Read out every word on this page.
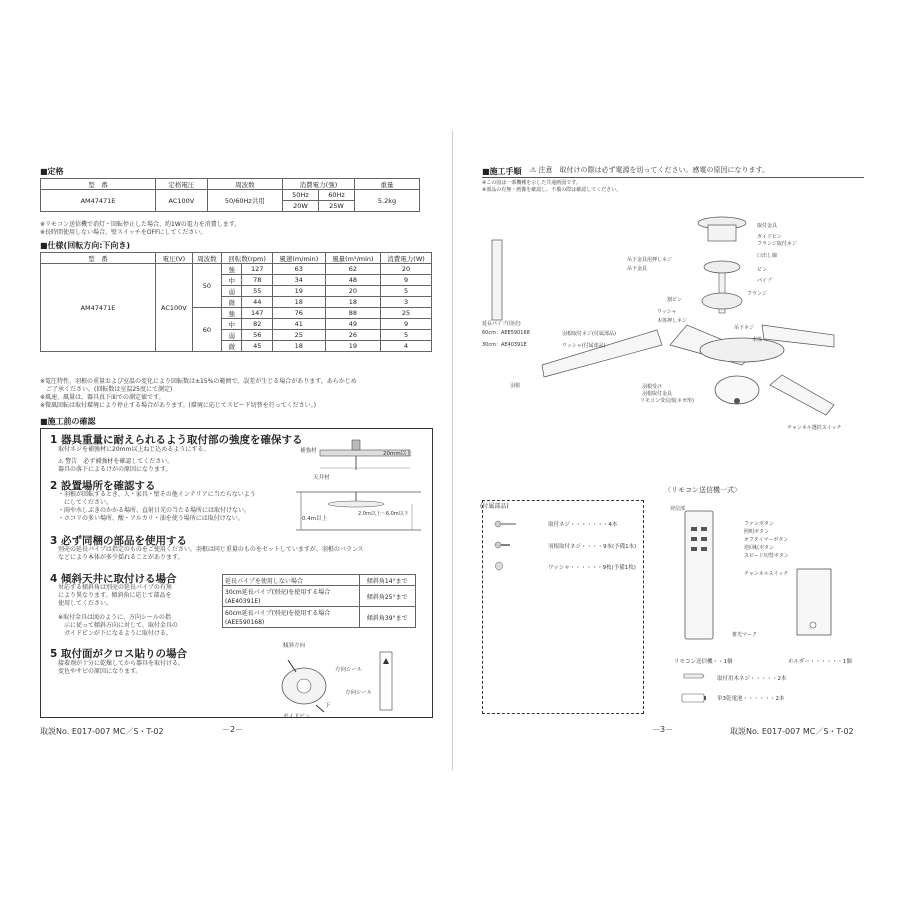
■定格
型　番	定格電圧	周波数	消費電力(強)		重量

AM47471E	AC100V	50/60Hz共用	50Hz	60Hz	5.2kg
			20W	25W	
※リモコン送信機で消灯・回転停止した場合、約1Wの電力を消費します。
※長時間使用しない場合、壁スイッチをOFFにしてください。
■仕様(回転方向:下向き)
型　番	電圧(V)	周波数	回転数(rpm)		風速(m/min)	風量(m³/min)	消費電力(W)
AM47471E	AC100V	50	強	127	63	62	20
			中	78	34	48	9
			弱	55	19	20	5
			微	44	18	18	3
		60	強	147	76	88	25
			中	82	41	49	9
			弱	56	25	26	5
			微	45	18	19	4
※電圧特性、羽根の重量および室温の変化により回転数は±15%の範囲で、誤差が生じる場合があります。あらかじめ
　ご了承ください。(回転数は室温25度にて測定)
※風速、風量は、器具真下面での測定値です。
※微風回転は取付環境により停止する場合があります。(環境に応じてスピード切替を行ってください。)
■施工前の確認
1 器具重量に耐えられるよう取付部の強度を確保する
取付ネジを補強材に20mm以上ねじ込めるようにする。
⚠ 警告　必ず補強材を確認してください。
器具の落下によるけがの原因になります。
補強材	20mm以上
天井材
2 設置場所を確認する
・羽根が回転するとき、人・家具・壁その他インテリアに当たらないよう
　にしてください。
・雨や水しぶきのかかる場所、直射日光の当たる場所には取付けない。
・ホコリの多い場所、酸・アルカリ・油を使う場所には取付けない。	0.4m以上
2.0m以上～6.0m以下
3 必ず同梱の部品を使用する
別売の延長パイプは指定のものをご使用ください。羽根は同じ重量のものをセットしていますが、羽根のバランス
などにより本体が多少揺れることがあります。
4 傾斜天井に取付ける場合
対応する傾斜角は別売の延長パイプの有無
により異なります。傾斜角に応じて部品を
使用してください。
※取付金具は図のように、方向シールの指
　示に従って傾斜方向に対して、取付金具の
　ガイドピンが下になるように取付ける。
延長パイプを使用しない場合	傾斜角14°まで
30cm延長パイプ(別売)を使用する場合	傾斜角25°まで
(AE40391E)	
60cm延長パイプ(別売)を使用する場合	傾斜角39°まで
(AEE590168)	
5 取付面がクロス貼りの場合
接着剤が十分に乾燥してから器具を取付ける。
変色やサビの原因になります。
傾斜方向
方向シール
方向シール
ガイドピン
下
取説No. E017-007 MC／S・T-02	－2－
■施工手順 ⚠ 注意　取付けの際は必ず電源を切ってください。感電の原因になります。
※この図は一部機種を示した共通画図です。
※部品の有無・画像を確認し、不備の際は確認してください。
取付金具
ガイドピン
フランジ取付ネジ
口出し線
吊下金具用押しネジ
吊下金具	ピン
パイプ
フランジ
割ピン
ワッシャ
本体押しネジ
吊下ネジ
本体
延長パイプ(別売)
60cm：AEE590168
30cm：AE40391E
羽根取付ネジ(付属部品)
ワッシャ(付属部品)
羽根	羽根受け
羽根取付金具
リモコン受信部(ネガ形)
チャンネル選択スイッチ
(付属部品)
取付ネジ・・・・・・・4本
羽根取付ネジ・・・・9本(予備1本)
ワッシャ・・・・・・9枚(予備1枚)
〈リモコン送信機一式〉
発信部
ファンボタン
照明ボタン
オフタイマーボタン
逆回転ボタン
スピード切替ボタン
チャンネルスイッチ
蓄光マーク
リモコン送信機・・1個	ホルダー・・・・・・1個
取付用木ネジ・・・・・2本
単3乾電池・・・・・・2本
－3－	取説No. E017-007 MC／S・T-02
